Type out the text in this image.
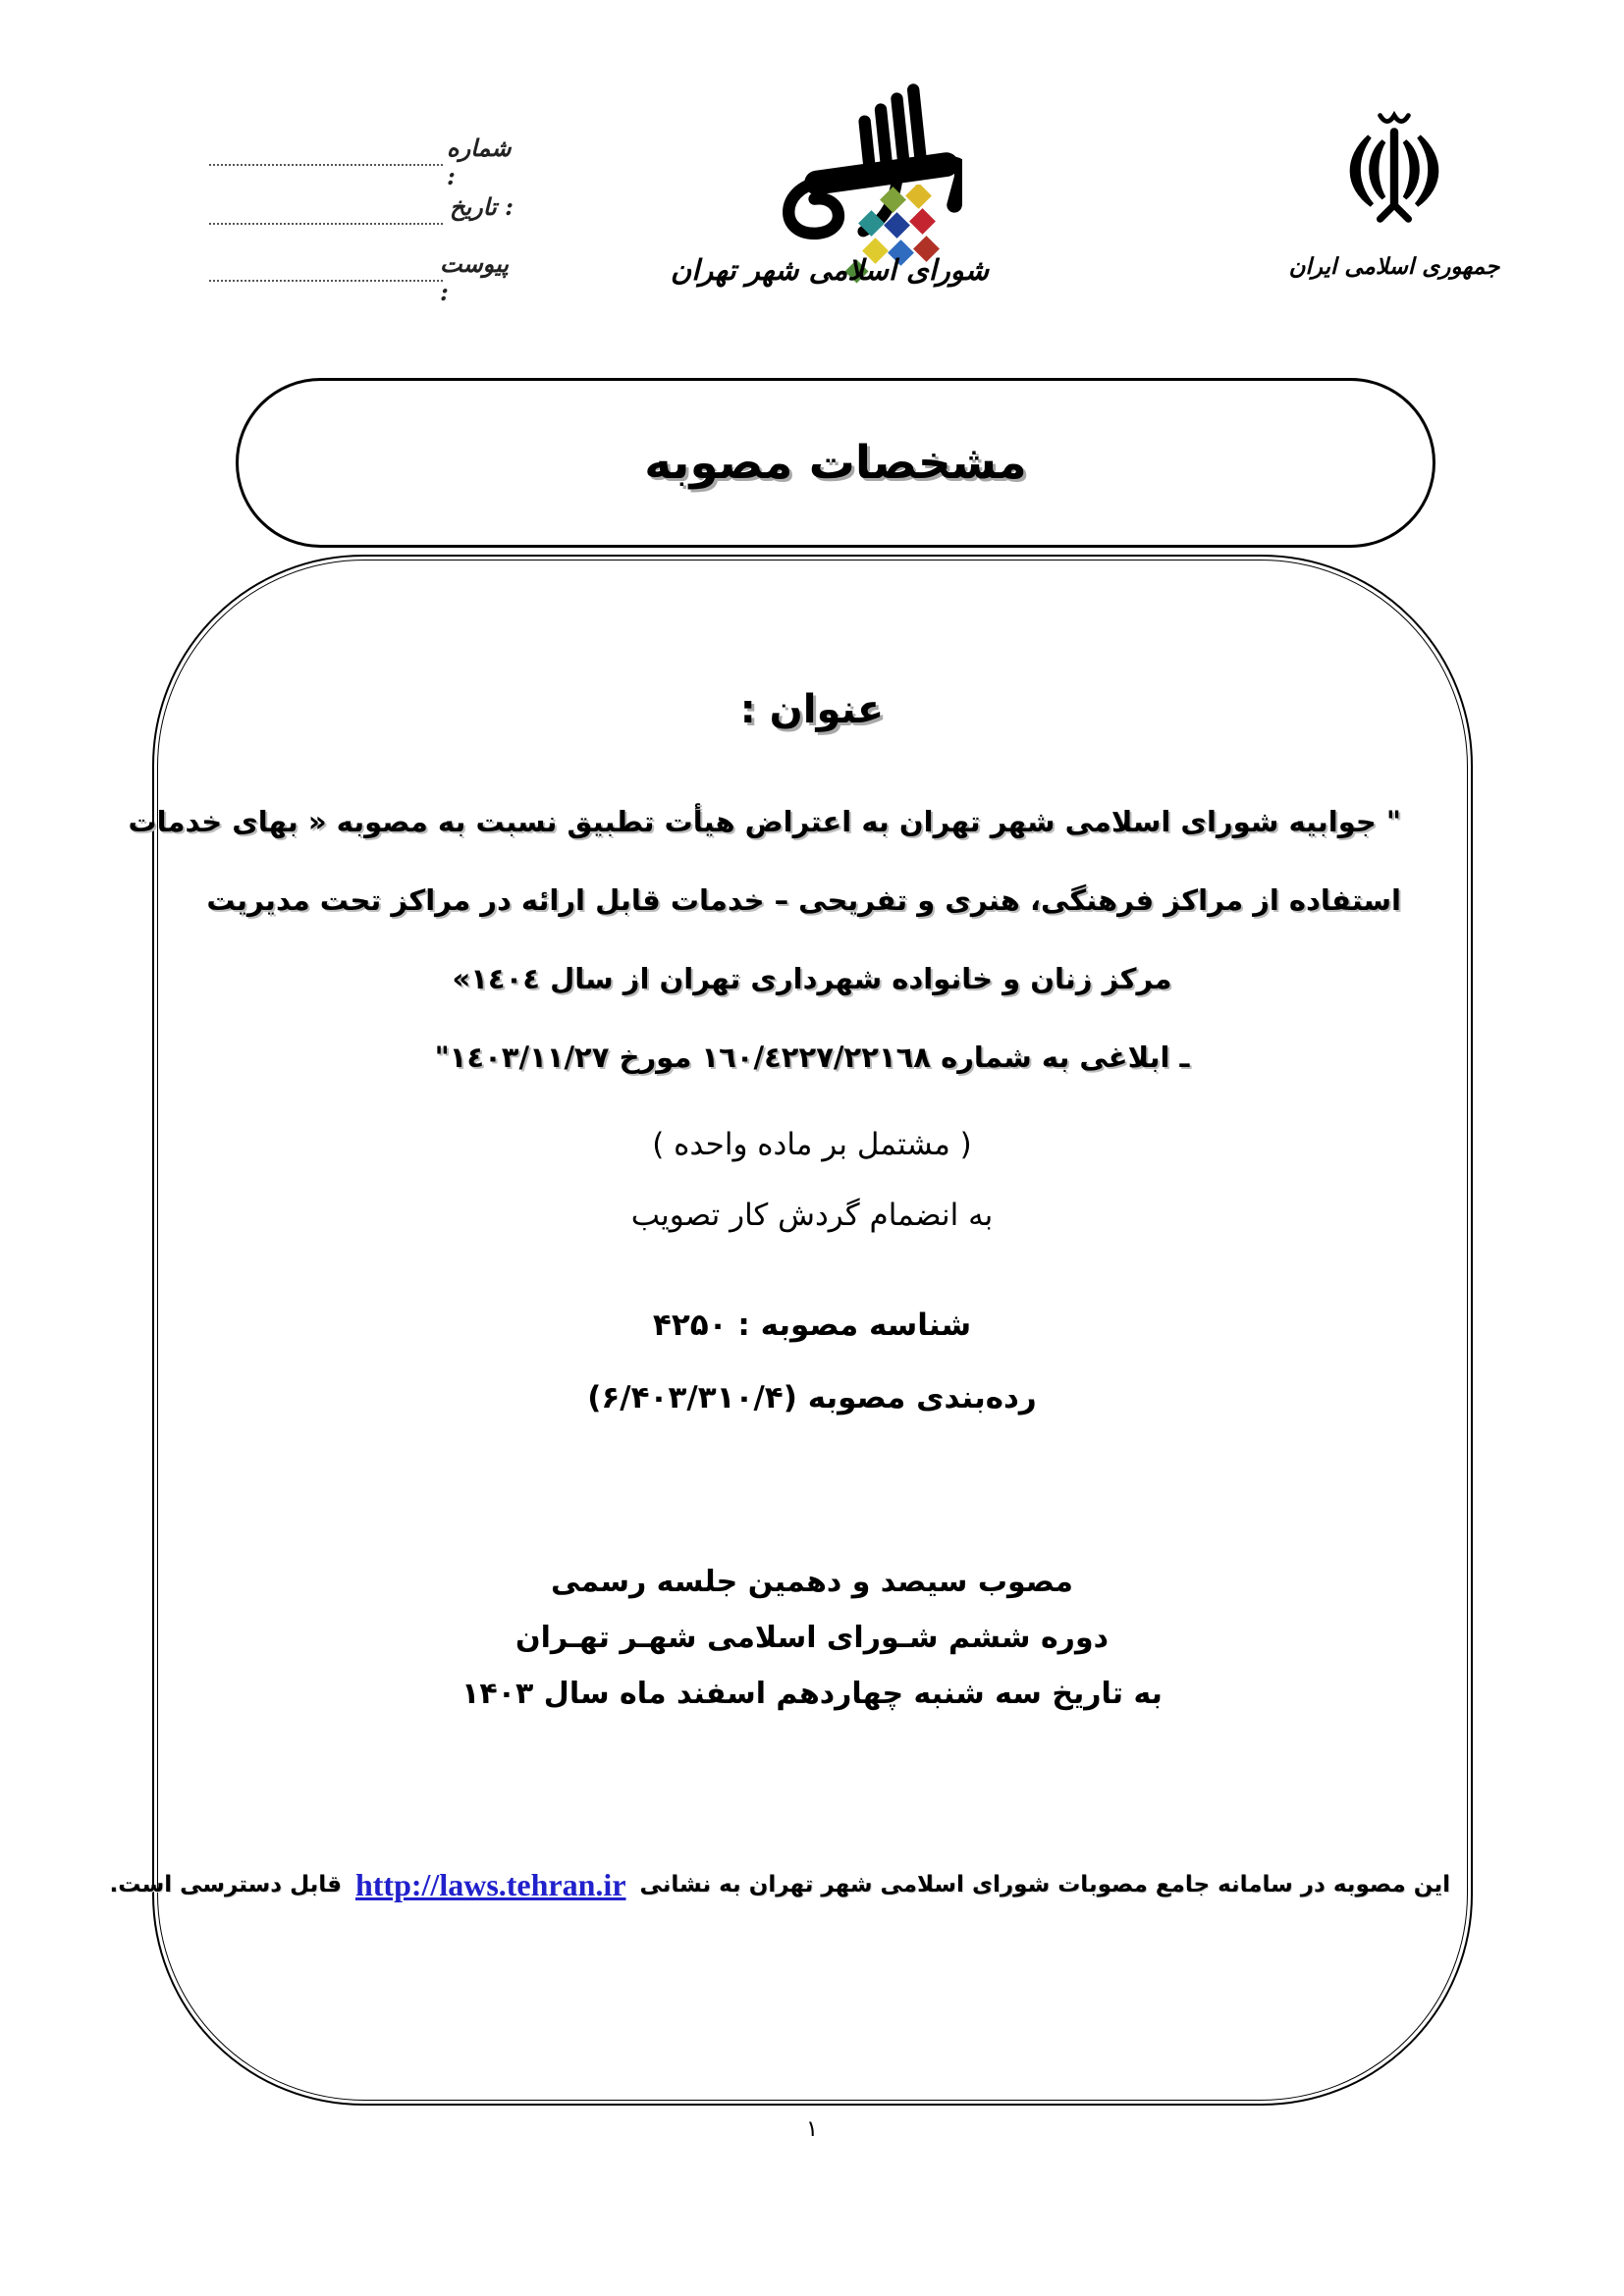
شماره :
تاریخ :
پیوست :
شورای اسلامی شهر تهران	جمهوری اسلامی ایران
مشخصات مصوبه
عنوان :
" جوابیه شورای اسلامی شهر تهران به اعتراض هیأت تطبیق نسبت به مصوبه « بهای خدمات
استفاده از مراکز فرهنگی، هنری و تفریحی – خدمات قابل ارائه در مراکز تحت مدیریت
مرکز زنان و خانواده شهرداری تهران از سال ١٤٠٤»
ـ ابلاغی به شماره ١٦٠/٤٢٢٧/٢٢١٦٨ مورخ ١٤٠٣/١١/٢٧"
( مشتمل بر ماده واحده )
به انضمام گردش کار تصویب
شناسه مصوبه : ۴۲۵۰
رده‌بندی مصوبه (۶/۴۰۳/۳۱۰/۴)
مصوب سیصد و دهمین جلسه رسمی
دوره ششم شـورای اسلامی شهـر تهـران
به تاریخ سه شنبه چهاردهم اسفند ماه سال ۱۴۰۳
این مصوبه در سامانه جامع مصوبات شورای اسلامی شهر تهران به نشانی
http://laws.tehran.ir
قابل دسترسی است.
۱
